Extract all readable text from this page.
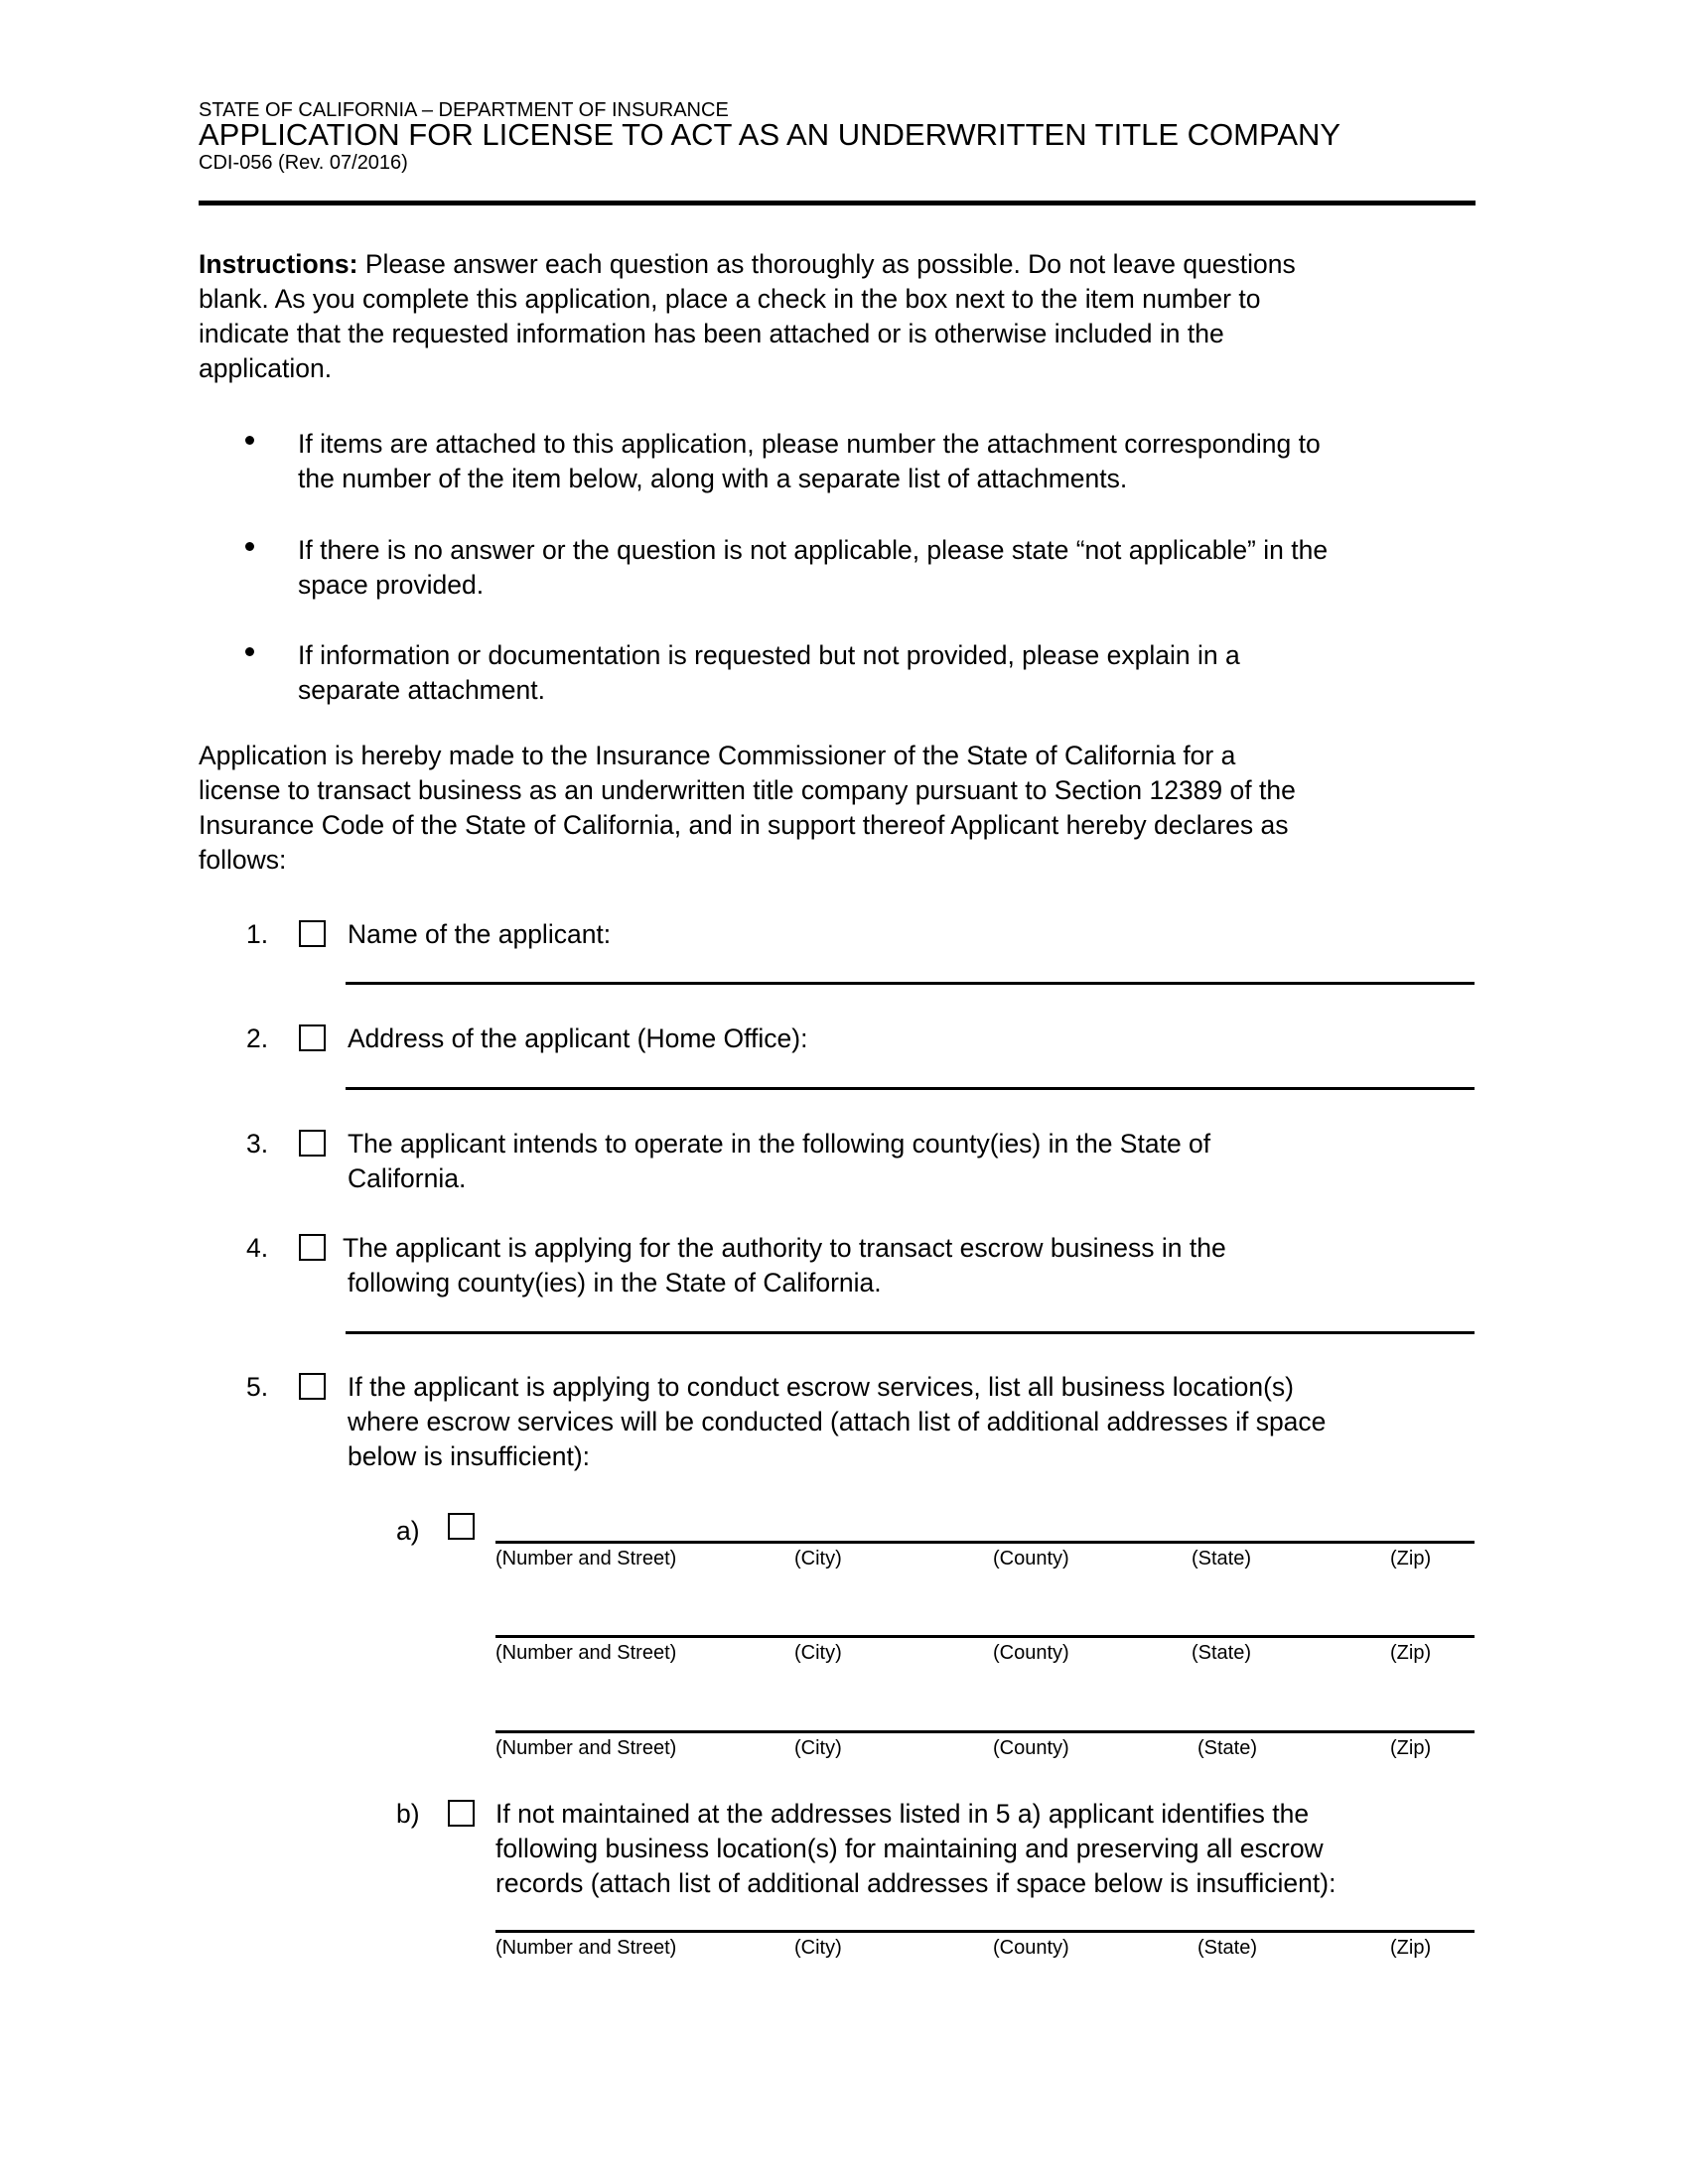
STATE OF CALIFORNIA – DEPARTMENT OF INSURANCE
APPLICATION FOR LICENSE TO ACT AS AN UNDERWRITTEN TITLE COMPANY
CDI-056 (Rev. 07/2016)
Instructions: Please answer each question as thoroughly as possible. Do not leave questions
blank. As you complete this application, place a check in the box next to the item number to
indicate that the requested information has been attached or is otherwise included in the
application.
If items are attached to this application, please number the attachment corresponding to
the number of the item below, along with a separate list of attachments.
If there is no answer or the question is not applicable, please state “not applicable” in the
space provided.
If information or documentation is requested but not provided, please explain in a
separate attachment.
Application is hereby made to the Insurance Commissioner of the State of California for a
license to transact business as an underwritten title company pursuant to Section 12389 of the
Insurance Code of the State of California, and in support thereof Applicant hereby declares as
follows:
1.	Name of the applicant:
2.	Address of the applicant (Home Office):
3.	The applicant intends to operate in the following county(ies) in the State of
California.
4.	The applicant is applying for the authority to transact escrow business in the
following county(ies) in the State of California.
5.	If the applicant is applying to conduct escrow services, list all business location(s)
where escrow services will be conducted (attach list of additional addresses if space
below is insufficient):
a)
(Number and Street)	(City)	(County)	(State)	(Zip)
(Number and Street)	(City)	(County)	(State)	(Zip)
(Number and Street)	(City)	(County)	(State)	(Zip)
b)	If not maintained at the addresses listed in 5 a) applicant identifies the
following business location(s) for maintaining and preserving all escrow
records (attach list of additional addresses if space below is insufficient):
(Number and Street)	(City)	(County)	(State)	(Zip)
